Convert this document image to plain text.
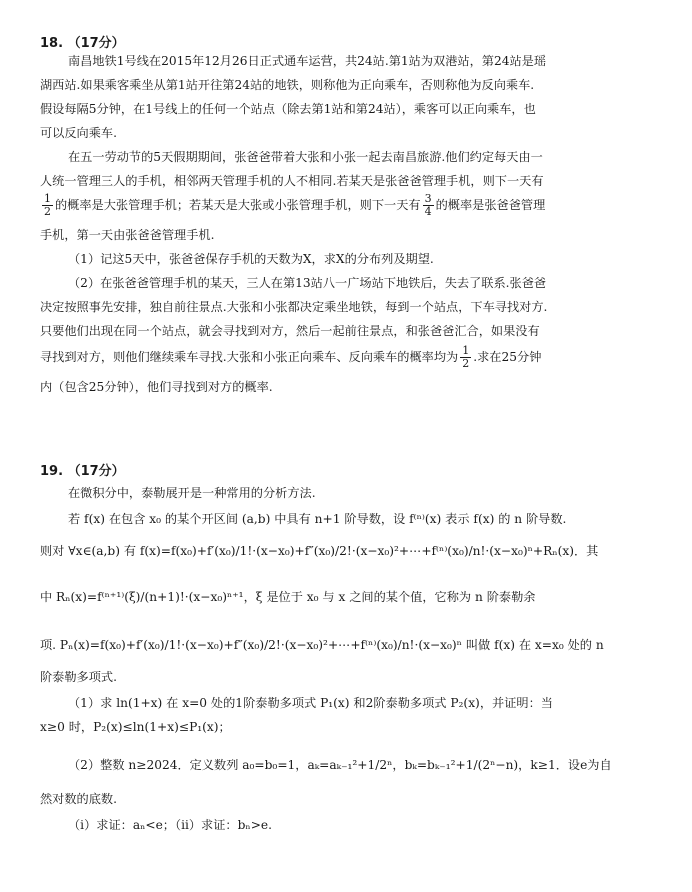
18. （17分）
南昌地铁1号线在2015年12月26日正式通车运营，共24站.第1站为双港站，第24站是瑶
湖西站.如果乘客乘坐从第1站开往第24站的地铁，则称他为正向乘车，否则称他为反向乘车.
假设每隔5分钟，在1号线上的任何一个站点（除去第1站和第24站），乘客可以正向乘车，也
可以反向乘车.
在五一劳动节的5天假期期间，张爸爸带着大张和小张一起去南昌旅游.他们约定每天由一
人统一管理三人的手机，相邻两天管理手机的人不相同.若某天是张爸爸管理手机，则下一天有
$\frac{1}{2}$ 的概率是大张管理手机；若某天是大张或小张管理手机，则下一天有 $\frac{3}{4}$ 的概率是张爸爸管理
手机，第一天由张爸爸管理手机.
（1）记这5天中，张爸爸保存手机的天数为X，求X的分布列及期望.
（2）在张爸爸管理手机的某天，三人在第13站八一广场站下地铁后，失去了联系.张爸爸
决定按照事先安排，独自前往景点.大张和小张都决定乘坐地铁，每到一个站点，下车寻找对方.
只要他们出现在同一个站点，就会寻找到对方，然后一起前往景点，和张爸爸汇合，如果没有
寻找到对方，则他们继续乘车寻找.大张和小张正向乘车、反向乘车的概率均为 $\frac{1}{2}$ .求在25分钟
内（包含25分钟），他们寻找到对方的概率.
19. （17分）
在微积分中，泰勒展开是一种常用的分析方法.
若 f(x) 在包含 x₀ 的某个开区间 (a,b) 中具有 n+1 阶导数，设 f⁽ⁿ⁾(x) 表示 f(x) 的 n 阶导数.
则对 ∀x∈(a,b) 有 f(x)=f(x₀)+f′(x₀)/1!·(x−x₀)+f″(x₀)/2!·(x−x₀)²+⋯+f⁽ⁿ⁾(x₀)/n!·(x−x₀)ⁿ+Rₙ(x)．其
中 Rₙ(x)=f⁽ⁿ⁺¹⁾(ξ)/(n+1)!·(x−x₀)ⁿ⁺¹，ξ 是位于 x₀ 与 x 之间的某个值，它称为 n 阶泰勒余
项. Pₙ(x)=f(x₀)+f′(x₀)/1!·(x−x₀)+f″(x₀)/2!·(x−x₀)²+⋯+f⁽ⁿ⁾(x₀)/n!·(x−x₀)ⁿ 叫做 f(x) 在 x=x₀ 处的 n
阶泰勒多项式.
（1）求 ln(1+x) 在 x=0 处的1阶泰勒多项式 P₁(x) 和2阶泰勒多项式 P₂(x)，并证明：当
x≥0 时，P₂(x)≤ln(1+x)≤P₁(x)；
（2）整数 n≥2024．定义数列 a₀=b₀=1，aₖ=aₖ₋₁²+1/2ⁿ，bₖ=bₖ₋₁²+1/(2ⁿ−n)，k≥1．设e为自
然对数的底数.
（i）求证：aₙ<e；（ii）求证：bₙ>e.
